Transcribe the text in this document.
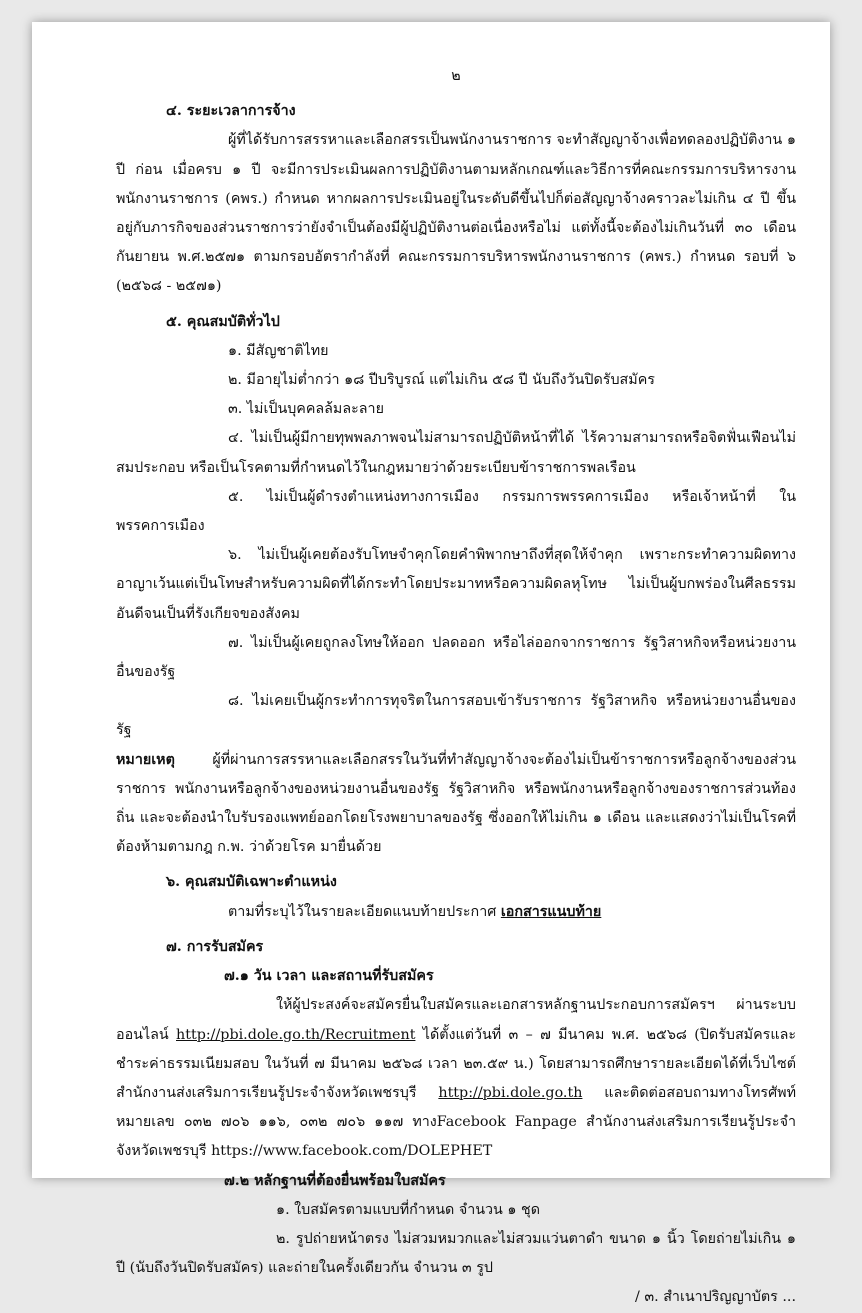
๒

๔. ระยะเวลาการจ้าง

ผู้ที่ได้รับการสรรหาและเลือกสรรเป็นพนักงานราชการ จะทำสัญญาจ้างเพื่อทดลองปฏิบัติงาน ๑ ปี ก่อน เมื่อครบ ๑ ปี จะมีการประเมินผลการปฏิบัติงานตามหลักเกณฑ์และวิธีการที่คณะกรรมการบริหารงานพนักงานราชการ (คพร.) กำหนด หากผลการประเมินอยู่ในระดับดีขึ้นไปก็ต่อสัญญาจ้างคราวละไม่เกิน ๔ ปี ขึ้นอยู่กับภารกิจของส่วนราชการว่ายังจำเป็นต้องมีผู้ปฏิบัติงานต่อเนื่องหรือไม่ แต่ทั้งนี้จะต้องไม่เกินวันที่ ๓๐ เดือนกันยายน พ.ศ.๒๕๗๑ ตามกรอบอัตรากำลังที่ คณะกรรมการบริหารพนักงานราชการ (คพร.) กำหนด รอบที่ ๖ (๒๕๖๘ - ๒๕๗๑)

๕. คุณสมบัติทั่วไป

๑. มีสัญชาติไทย

๒. มีอายุไม่ต่ำกว่า ๑๘ ปีบริบูรณ์ แต่ไม่เกิน ๕๘ ปี นับถึงวันปิดรับสมัคร

๓. ไม่เป็นบุคคลล้มละลาย

๔. ไม่เป็นผู้มีกายทุพพลภาพจนไม่สามารถปฏิบัติหน้าที่ได้ ไร้ความสามารถหรือจิตฟั่นเฟือนไม่สมประกอบ หรือเป็นโรคตามที่กำหนดไว้ในกฎหมายว่าด้วยระเบียบข้าราชการพลเรือน

๕. ไม่เป็นผู้ดำรงตำแหน่งทางการเมือง กรรมการพรรคการเมือง หรือเจ้าหน้าที่ ในพรรคการเมือง

๖. ไม่เป็นผู้เคยต้องรับโทษจำคุกโดยคำพิพากษาถึงที่สุดให้จำคุก เพราะกระทำความผิดทางอาญาเว้นแต่เป็นโทษสำหรับความผิดที่ได้กระทำโดยประมาทหรือความผิดลหุโทษ ไม่เป็นผู้บกพร่องในศีลธรรมอันดีจนเป็นที่รังเกียจของสังคม

๗. ไม่เป็นผู้เคยถูกลงโทษให้ออก ปลดออก หรือไล่ออกจากราชการ รัฐวิสาหกิจหรือหน่วยงานอื่นของรัฐ

๘. ไม่เคยเป็นผู้กระทำการทุจริตในการสอบเข้ารับราชการ รัฐวิสาหกิจ หรือหน่วยงานอื่นของรัฐ

หมายเหตุ ผู้ที่ผ่านการสรรหาและเลือกสรรในวันที่ทำสัญญาจ้างจะต้องไม่เป็นข้าราชการหรือลูกจ้างของส่วนราชการ พนักงานหรือลูกจ้างของหน่วยงานอื่นของรัฐ รัฐวิสาหกิจ หรือพนักงานหรือลูกจ้างของราชการส่วนท้องถิ่น และจะต้องนำใบรับรองแพทย์ออกโดยโรงพยาบาลของรัฐ ซึ่งออกให้ไม่เกิน ๑ เดือน และแสดงว่าไม่เป็นโรคที่ต้องห้ามตามกฎ ก.พ. ว่าด้วยโรค มายื่นด้วย

๖. คุณสมบัติเฉพาะตำแหน่ง

ตามที่ระบุไว้ในรายละเอียดแนบท้ายประกาศ เอกสารแนบท้าย

๗. การรับสมัคร

๗.๑ วัน เวลา และสถานที่รับสมัคร

ให้ผู้ประสงค์จะสมัครยื่นใบสมัครและเอกสารหลักฐานประกอบการสมัครฯ ผ่านระบบออนไลน์ http://pbi.dole.go.th/Recruitment ได้ตั้งแต่วันที่ ๓ – ๗ มีนาคม พ.ศ. ๒๕๖๘ (ปิดรับสมัครและชำระค่าธรรมเนียมสอบ ในวันที่ ๗ มีนาคม ๒๕๖๘ เวลา ๒๓.๕๙ น.) โดยสามารถศึกษารายละเอียดได้ที่เว็บไซต์สำนักงานส่งเสริมการเรียนรู้ประจำจังหวัดเพชรบุรี http://pbi.dole.go.th และติดต่อสอบถามทางโทรศัพท์หมายเลข ๐๓๒ ๗๐๖ ๑๑๖, ๐๓๒ ๗๐๖ ๑๑๗ ทางFacebook Fanpage สำนักงานส่งเสริมการเรียนรู้ประจำจังหวัดเพชรบุรี https://www.facebook.com/DOLEPHET

๗.๒ หลักฐานที่ต้องยื่นพร้อมใบสมัคร

๑. ใบสมัครตามแบบที่กำหนด จำนวน ๑ ชุด

๒. รูปถ่ายหน้าตรง ไม่สวมหมวกและไม่สวมแว่นตาดำ ขนาด ๑ นิ้ว โดยถ่ายไม่เกิน ๑ ปี (นับถึงวันปิดรับสมัคร) และถ่ายในครั้งเดียวกัน จำนวน ๓ รูป

/ ๓. สำเนาปริญญาบัตร ...
